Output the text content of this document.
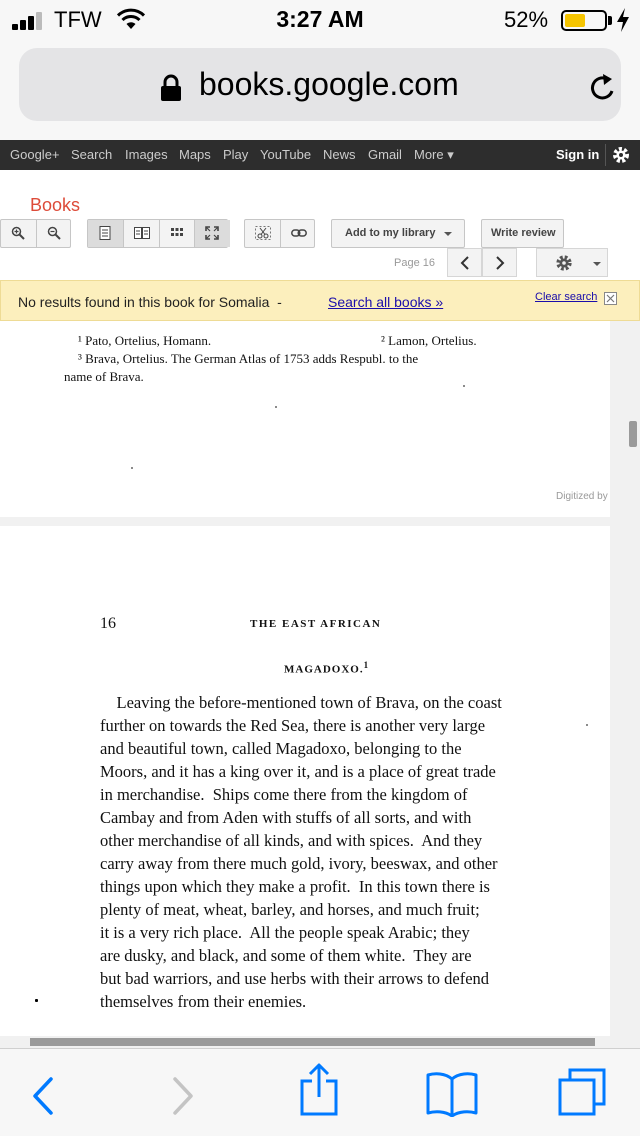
TFW	3:27 AM	52%
books.google.com
Google+ Search Images Maps Play YouTube News Gmail More ▾	Sign in
Books
Add to my library	Write review
Page 16
No results found in this book for Somalia -	Search all books »	Clear search
¹ Pato, Ortelius, Homann.	² Lamon, Ortelius.
³ Brava, Ortelius. The German Atlas of 1753 adds Respubl. to the
name of Brava.
Digitized by
16	THE EAST AFRICAN
MAGADOXO.$^1$
Leaving the before-mentioned town of Brava, on the coast
further on towards the Red Sea, there is another very large
and beautiful town, called Magadoxo, belonging to the
Moors, and it has a king over it, and is a place of great trade
in merchandise.  Ships come there from the kingdom of
Cambay and from Aden with stuffs of all sorts, and with
other merchandise of all kinds, and with spices.  And they
carry away from there much gold, ivory, beeswax, and other
things upon which they make a profit.  In this town there is
plenty of meat, wheat, barley, and horses, and much fruit;
it is a very rich place.  All the people speak Arabic; they
are dusky, and black, and some of them white.  They are
but bad warriors, and use herbs with their arrows to defend
themselves from their enemies.
